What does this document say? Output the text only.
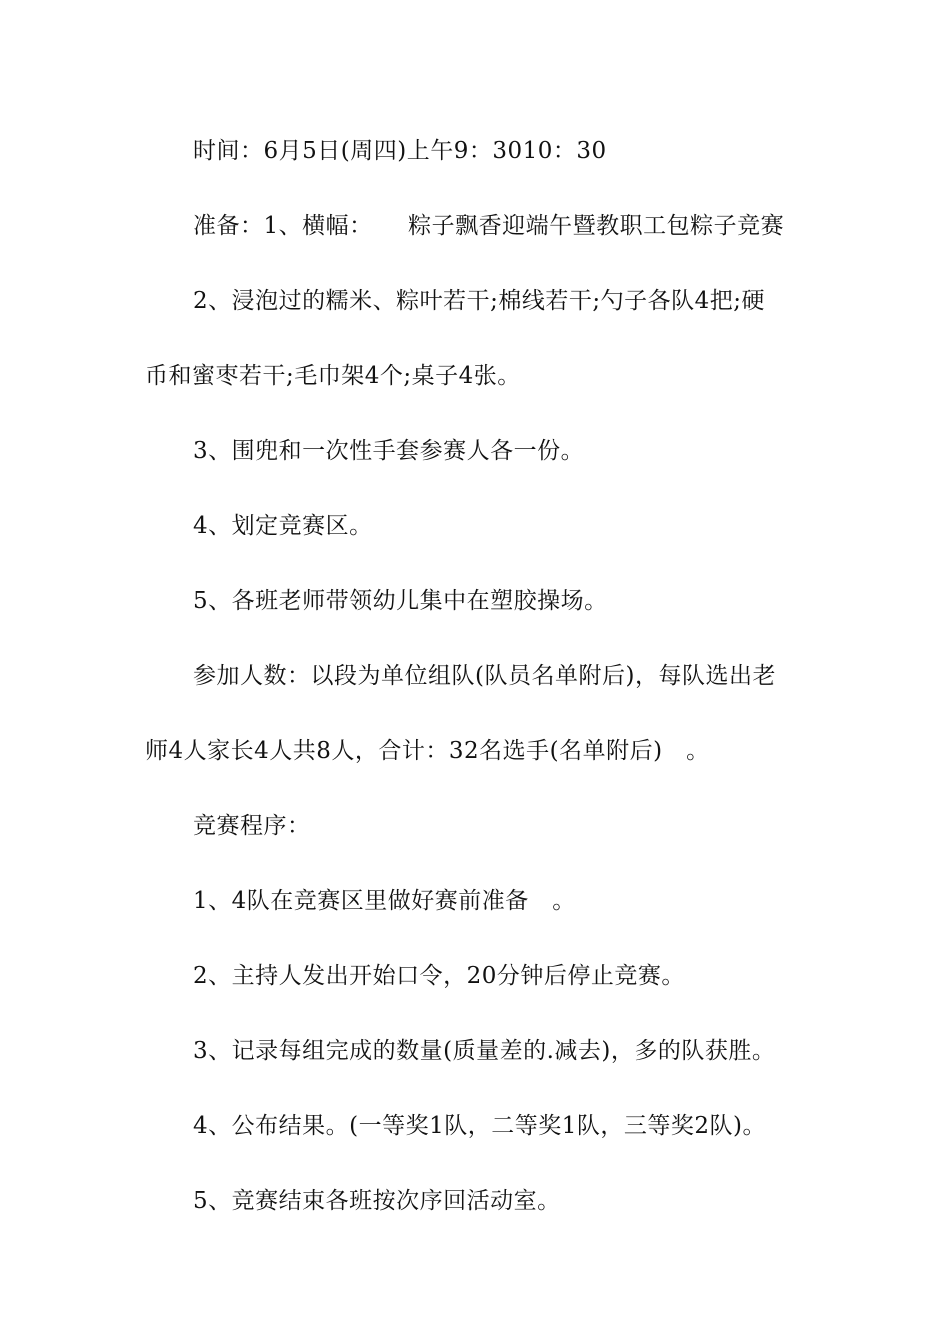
时间：6月5日(周四)上午9：3010：30
准备：1、横幅：　　粽子飘香迎端午暨教职工包粽子竞赛
2、浸泡过的糯米、粽叶若干;棉线若干;勺子各队4把;硬
币和蜜枣若干;毛巾架4个;桌子4张。
3、围兜和一次性手套参赛人各一份。
4、划定竞赛区。
5、各班老师带领幼儿集中在塑胶操场。
参加人数：以段为单位组队(队员名单附后)，每队选出老
师4人家长4人共8人，合计：32名选手(名单附后)　。
竞赛程序：
1、4队在竞赛区里做好赛前准备　。
2、主持人发出开始口令，20分钟后停止竞赛。
3、记录每组完成的数量(质量差的.减去)，多的队获胜。
4、公布结果。(一等奖1队，二等奖1队，三等奖2队)。
5、竞赛结束各班按次序回活动室。
